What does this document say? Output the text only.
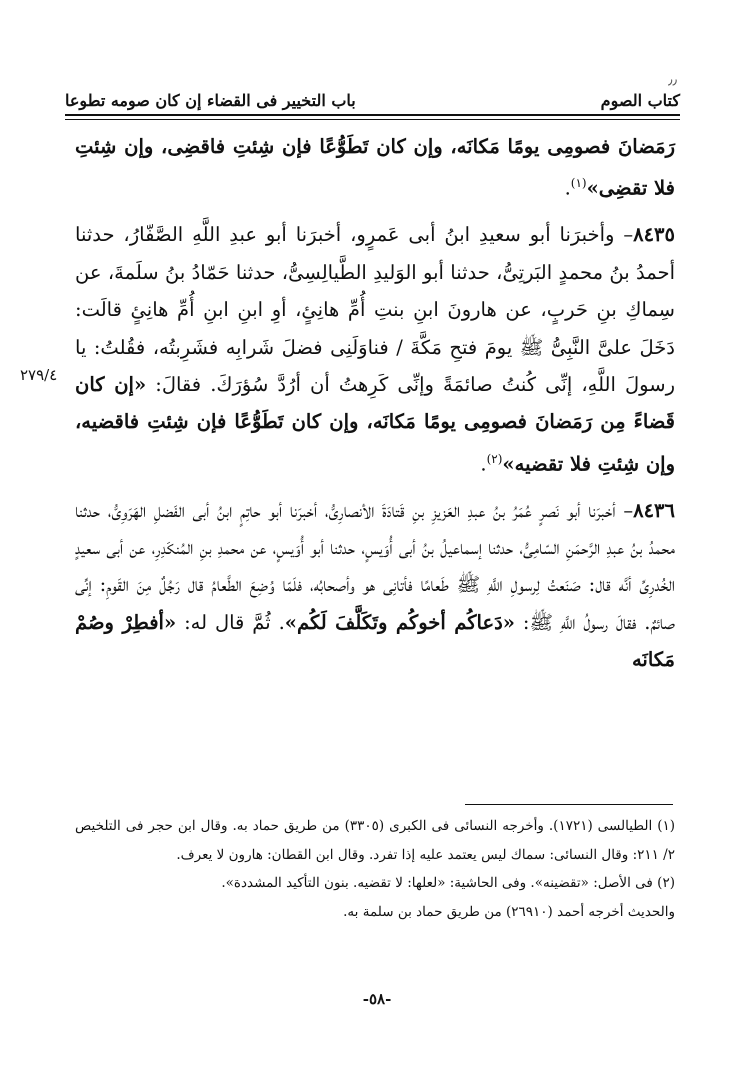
٫٫
كتاب الصوم
باب التخيير فى القضاء إن كان صومه تطوعا

رَمَضانَ فصومِى يومًا مَكانَه، وإن كان تَطَوُّعًا فإن شِئتِ فاقضِى، وإن شِئتِ فلا تقضِى»$^{(١)}$.

٨٤٣٥– وأخبرَنا أبو سعيدِ ابنُ أبى عَمرٍو، أخبرَنا أبو عبدِ اللَّهِ الصَّفّارُ، حدثنا أحمدُ بنُ محمدٍ البَرتِىُّ، حدثنا أبو الوَليدِ الطَّيالِسِىُّ، حدثنا حَمّادُ بنُ سلَمةَ، عن سِماكِ بنِ حَربٍ، عن هارونَ ابنِ بنتِ أُمِّ هانِئٍ، أوِ ابنِ ابنِ أُمِّ هانِئٍ قالَت: دَخَلَ علىَّ النَّبِىُّ ﷺ يومَ فتحِ مَكَّةَ / فناوَلَنِى فضلَ شَرابِه فشَرِبتُه، فقُلتُ: يا رسولَ اللَّهِ، إنِّى كُنتُ صائمَةً وإنِّى كَرِهتُ أن أرُدَّ سُؤرَكَ. فقالَ: «إن كان قَضاءً مِن رَمَضانَ فصومِى يومًا مَكانَه، وإن كان تَطَوُّعًا فإن شِئتِ فاقضيه، وإن شِئتِ فلا تقضيه»$^{(٢)}$.

٨٤٣٦– أخبرَنا أبو نَصرٍ عُمَرُ بنُ عبدِ العَزيزِ بنِ قَتادَةَ الأنصارِىُّ، أخبرَنا أبو حاتِمٍ ابنُ أبى الفَضلِ الهَرَوِىُّ، حدثنا محمدُ بنُ عبدِ الرَّحمَنِ السّامِىُّ، حدثنا إسماعيلُ بنُ أبى أُوَيسٍ، حدثنا أبو أُوَيسٍ، عن محمدِ بنِ المُنكَدِرِ، عن أبى سعيدٍ الخُدرِىِّ أنَّه قال: صَنَعتُ لِرسولِ اللَّهِ ﷺ طَعامًا فأتانِى هو وأصحابُه، فلَمّا وُضِعَ الطَّعامُ قال رَجُلٌ مِنَ القَومِ: إنِّى صائمٌ. فقالَ رسولُ اللَّهِ ﷺ: «دَعاكُم أخوكُم وتَكَلَّفَ لَكُم». ثُمَّ قال له: «أفطِرْ وصُمْ مَكانَه

٢٧٩/٤

(١) الطيالسى (١٧٢١). وأخرجه النسائى فى الكبرى (٣٣٠٥) من طريق حماد به. وقال ابن حجر فى التلخيص ٢/ ٢١١: وقال النسائى: سماك ليس يعتمد عليه إذا تفرد. وقال ابن القطان: هارون لا يعرف.

(٢) فى الأصل: «تقضينه». وفى الحاشية: «لعلها: لا تقضيه. بنون التأكيد المشددة».

والحديث أخرجه أحمد (٢٦٩١٠) من طريق حماد بن سلمة به.

-٥٨-
